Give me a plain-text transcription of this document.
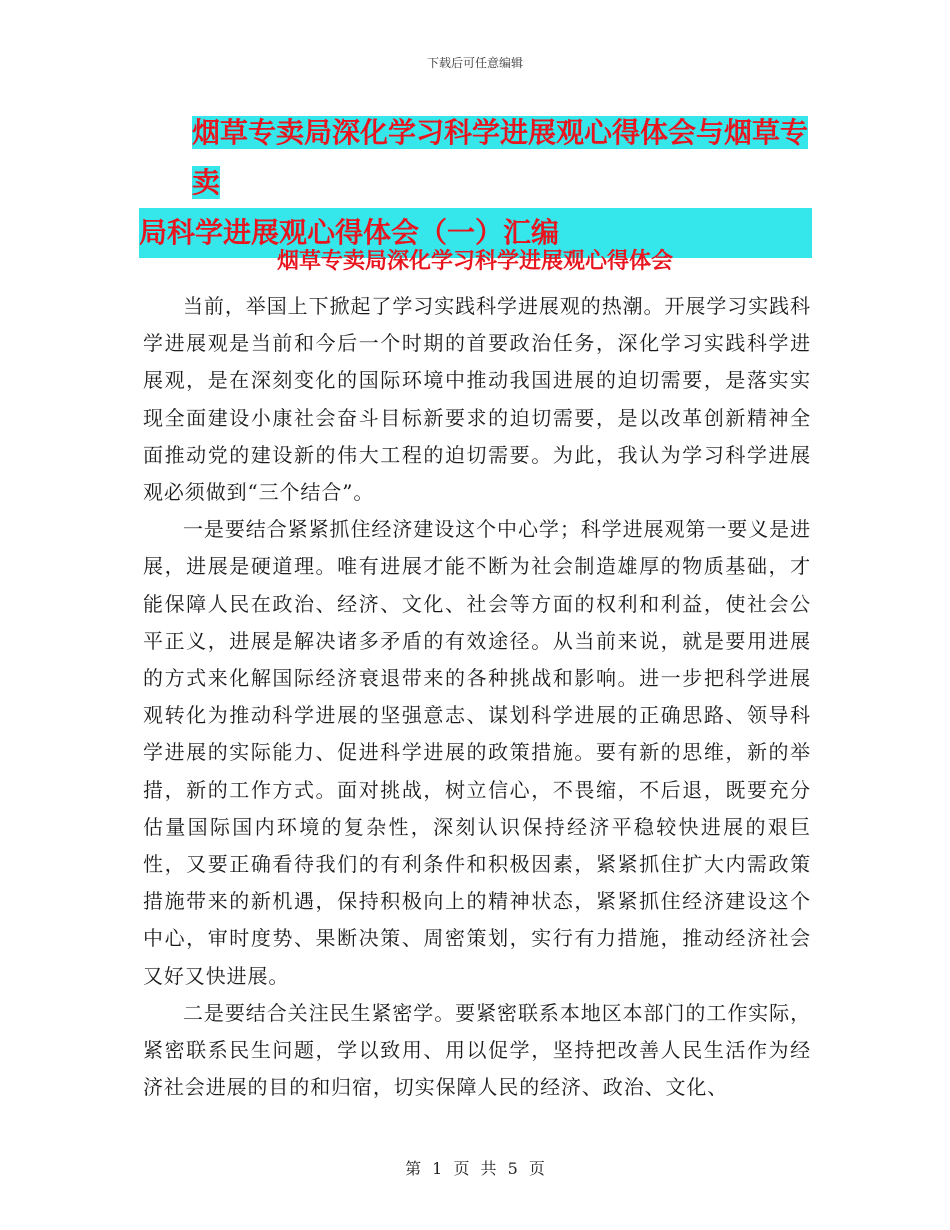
下载后可任意编辑
烟草专卖局深化学习科学进展观心得体会与烟草专卖
局科学进展观心得体会（一）汇编
烟草专卖局深化学习科学进展观心得体会

当前，举国上下掀起了学习实践科学进展观的热潮。开展学习实践科学进展观是当前和今后一个时期的首要政治任务，深化学习实践科学进展观，是在深刻变化的国际环境中推动我国进展的迫切需要，是落实实现全面建设小康社会奋斗目标新要求的迫切需要，是以改革创新精神全面推动党的建设新的伟大工程的迫切需要。为此，我认为学习科学进展观必须做到“三个结合”。

一是要结合紧紧抓住经济建设这个中心学；科学进展观第一要义是进展，进展是硬道理。唯有进展才能不断为社会制造雄厚的物质基础，才能保障人民在政治、经济、文化、社会等方面的权利和利益，使社会公平正义，进展是解决诸多矛盾的有效途径。从当前来说，就是要用进展的方式来化解国际经济衰退带来的各种挑战和影响。进一步把科学进展观转化为推动科学进展的坚强意志、谋划科学进展的正确思路、领导科学进展的实际能力、促进科学进展的政策措施。要有新的思维，新的举措，新的工作方式。面对挑战，树立信心，不畏缩，不后退，既要充分估量国际国内环境的复杂性，深刻认识保持经济平稳较快进展的艰巨性，又要正确看待我们的有利条件和积极因素，紧紧抓住扩大内需政策措施带来的新机遇，保持积极向上的精神状态，紧紧抓住经济建设这个中心，审时度势、果断决策、周密策划，实行有力措施，推动经济社会又好又快进展。

二是要结合关注民生紧密学。要紧密联系本地区本部门的工作实际，紧密联系民生问题，学以致用、用以促学，坚持把改善人民生活作为经济社会进展的目的和归宿，切实保障人民的经济、政治、文化、

第 1 页 共 5 页
